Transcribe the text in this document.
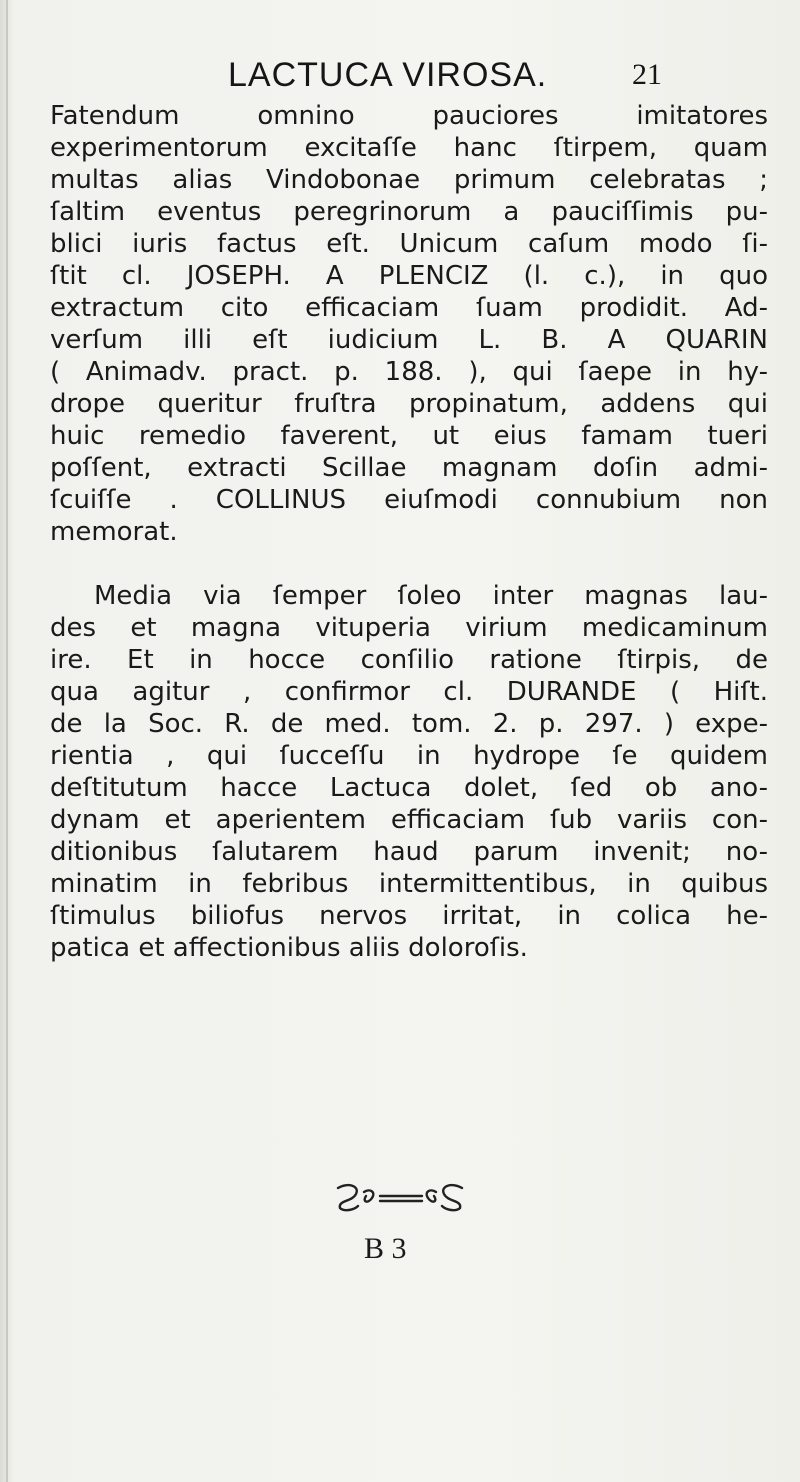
LACTUCA VIROSA.	21
Fatendum omnino pauciores imitatores
experimentorum excitaſſe hanc ſtirpem, quam
multas alias Vindobonae primum celebratas ;
ſaltim eventus peregrinorum a pauciſſimis pu-
blici iuris factus eſt. Unicum caſum modo ſi-
ſtit cl. JOSEPH. A PLENCIZ (l. c.), in quo
extractum cito efficaciam ſuam prodidit. Ad-
verſum illi eſt iudicium L. B. A QUARIN
( Animadv. pract. p. 188. ), qui ſaepe in hy-
drope queritur fruſtra propinatum, addens qui
huic remedio faverent, ut eius famam tueri
poſſent, extracti Scillae magnam doſin admi-
ſcuiſſe . COLLINUS eiuſmodi connubium non
memorat.
Media via ſemper ſoleo inter magnas lau-
des et magna vituperia virium medicaminum
ire. Et in hocce conſilio ratione ſtirpis, de
qua agitur , confirmor cl. DURANDE ( Hiſt.
de la Soc. R. de med. tom. 2. p. 297. ) expe-
rientia , qui ſucceſſu in hydrope ſe quidem
deſtitutum hacce Lactuca dolet, ſed ob ano-
dynam et aperientem efficaciam ſub variis con-
ditionibus ſalutarem haud parum invenit; no-
minatim in febribus intermittentibus, in quibus
ſtimulus biliofus nervos irritat, in colica he-
patica et affectionibus aliis doloroſis.
B 3
